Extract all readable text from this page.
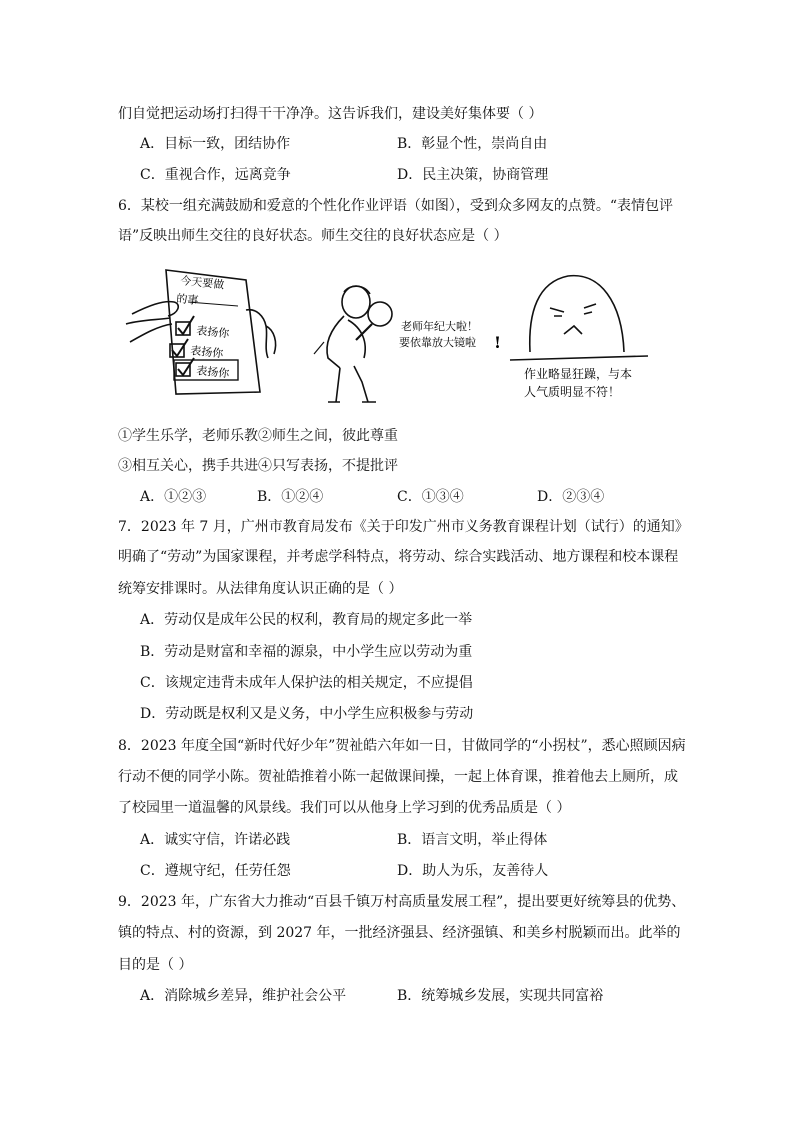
们自觉把运动场打扫得干干净净。这告诉我们，建设美好集体要（ ）
A．目标一致，团结协作	B．彰显个性，崇尚自由
C．重视合作，远离竞争	D．民主决策，协商管理
6．某校一组充满鼓励和爱意的个性化作业评语（如图），受到众多网友的点赞。“表情包评
语”反映出师生交往的良好状态。师生交往的良好状态应是（ ）
今天要做
的事
表扬你
表扬你
表扬你
老师年纪大啦！
要依靠放大镜啦 !
作业略显狂躁，与本
人气质明显不符！
①学生乐学，老师乐教②师生之间，彼此尊重
③相互关心，携手共进④只写表扬，不提批评
A．①②③	B．①②④	C．①③④	D．②③④
7．2023 年 7 月，广州市教育局发布《关于印发广州市义务教育课程计划（试行）的通知》
明确了“劳动”为国家课程，并考虑学科特点，将劳动、综合实践活动、地方课程和校本课程
统筹安排课时。从法律角度认识正确的是（ ）
A．劳动仅是成年公民的权利，教育局的规定多此一举
B．劳动是财富和幸福的源泉，中小学生应以劳动为重
C．该规定违背未成年人保护法的相关规定，不应提倡
D．劳动既是权利又是义务，中小学生应积极参与劳动
8．2023 年度全国“新时代好少年”贺祉皓六年如一日，甘做同学的“小拐杖”，悉心照顾因病
行动不便的同学小陈。贺祉皓推着小陈一起做课间操，一起上体育课，推着他去上厕所，成
了校园里一道温馨的风景线。我们可以从他身上学习到的优秀品质是（ ）
A．诚实守信，许诺必践	B．语言文明，举止得体
C．遵规守纪，任劳任怨	D．助人为乐，友善待人
9．2023 年，广东省大力推动“百县千镇万村高质量发展工程”，提出要更好统筹县的优势、
镇的特点、村的资源，到 2027 年，一批经济强县、经济强镇、和美乡村脱颖而出。此举的
目的是（ ）
A．消除城乡差异，维护社会公平	B．统筹城乡发展，实现共同富裕
